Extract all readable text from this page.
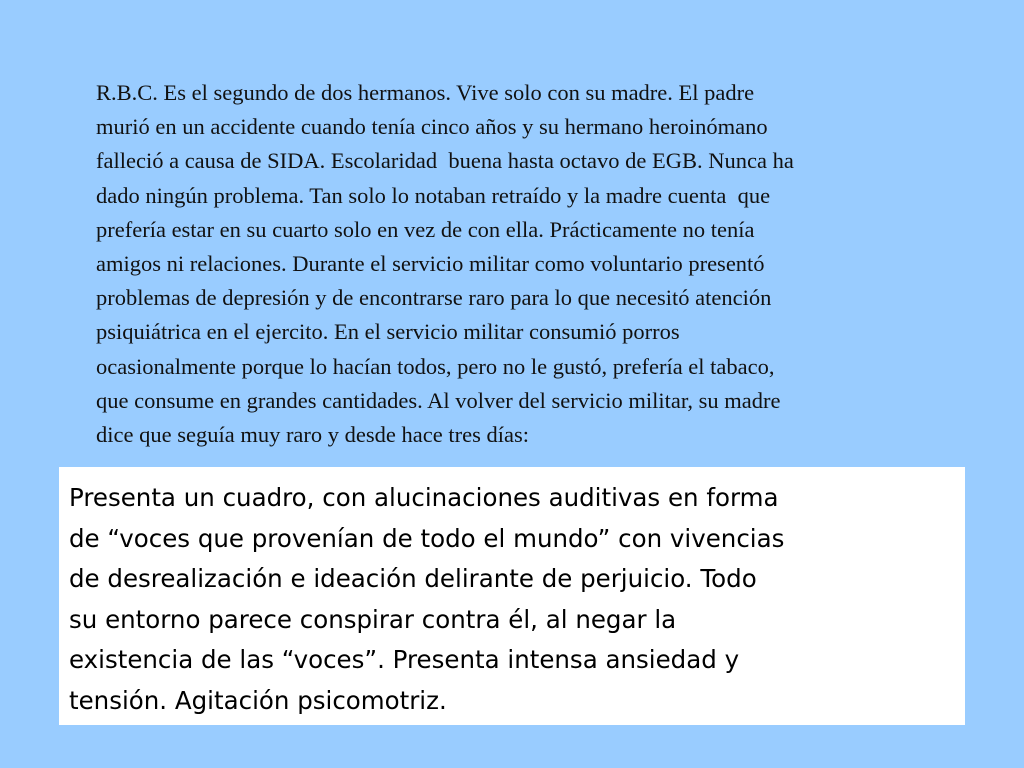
R.B.C. Es el segundo de dos hermanos. Vive solo con su madre. El padre
murió en un accidente cuando tenía cinco años y su hermano heroinómano
falleció a causa de SIDA. Escolaridad  buena hasta octavo de EGB. Nunca ha
dado ningún problema. Tan solo lo notaban retraído y la madre cuenta  que
prefería estar en su cuarto solo en vez de con ella. Prácticamente no tenía
amigos ni relaciones. Durante el servicio militar como voluntario presentó
problemas de depresión y de encontrarse raro para lo que necesitó atención
psiquiátrica en el ejercito. En el servicio militar consumió porros
ocasionalmente porque lo hacían todos, pero no le gustó, prefería el tabaco,
que consume en grandes cantidades. Al volver del servicio militar, su madre
dice que seguía muy raro y desde hace tres días:
Presenta un cuadro, con alucinaciones auditivas en forma
de “voces que provenían de todo el mundo” con vivencias
de desrealización e ideación delirante de perjuicio. Todo
su entorno parece conspirar contra él, al negar la
existencia de las “voces”. Presenta intensa ansiedad y
tensión. Agitación psicomotriz.
